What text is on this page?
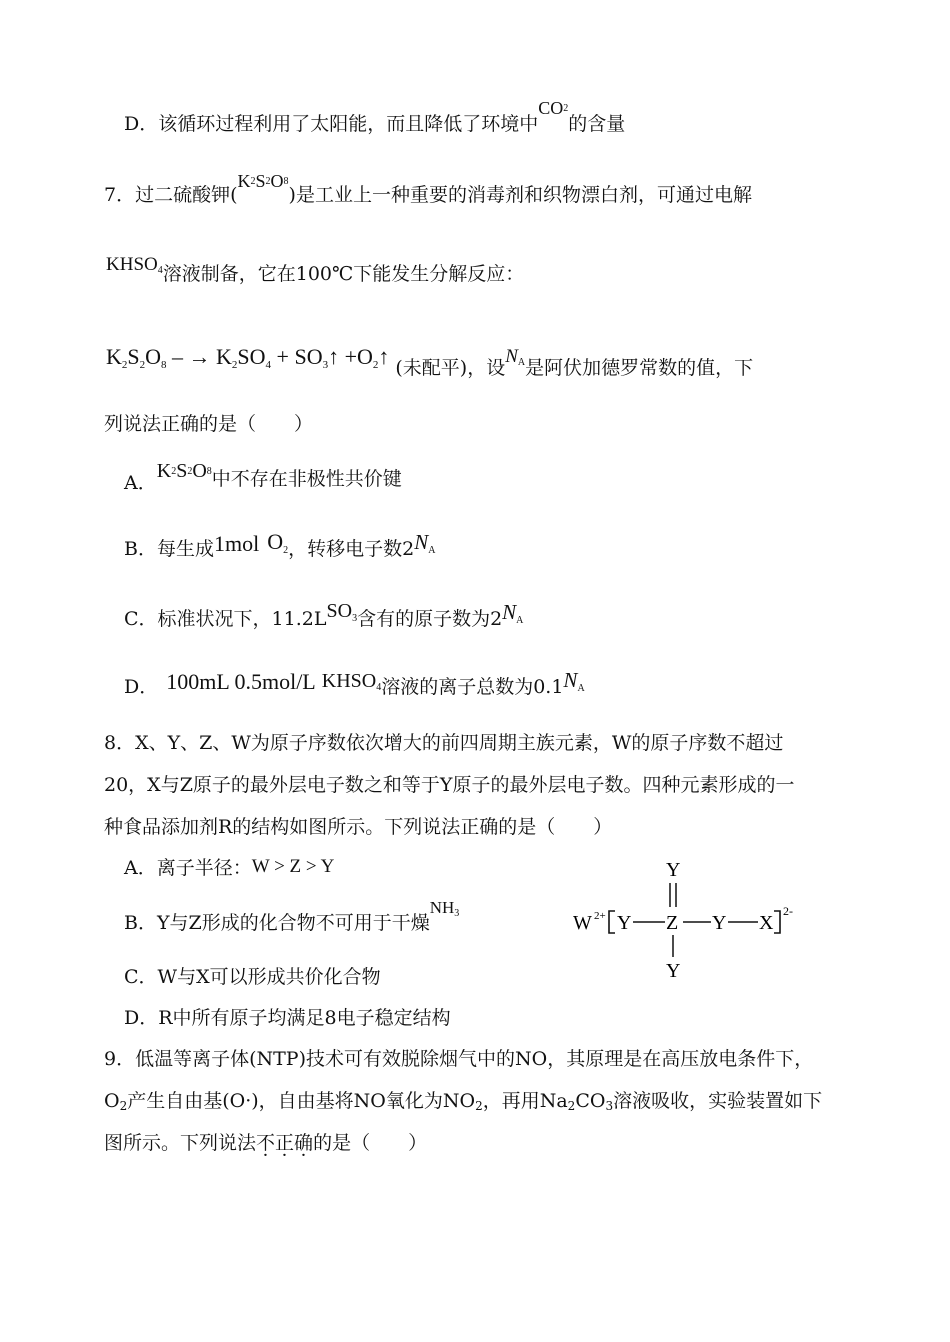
D．该循环过程利用了太阳能，而且降低了环境中CO2的含量
7．过二硫酸钾(K2S2O8)是工业上一种重要的消毒剂和织物漂白剂，可通过电解
KHSO4溶液制备，它在100℃下能发生分解反应：
$K_2S_2O_8$ – → $K_2SO_4$ + $SO_3↑$ $+O_2↑$ (未配平)，设NA是阿伏加德罗常数的值，下
列说法正确的是（　　）
A．K2S2O8中不存在非极性共价键
B．每生成1mol O2，转移电子数2NA
C．标准状况下，$11.2LSO_3$含有的原子数为2NA
D． 100mL 0.5mol/L KHSO4溶液的离子总数为0.1NA
8．X、Y、Z、W为原子序数依次增大的前四周期主族元素，W的原子序数不超过
20，X与Z原子的最外层电子数之和等于Y原子的最外层电子数。四种元素形成的一
种食品添加剂R的结构如图所示。下列说法正确的是（　　）
A．离子半径：W > Z > Y
B．Y与Z形成的化合物不可用于干燥NH3
C．W与X可以形成共价化合物
D．R中所有原子均满足8电子稳定结构
W 2+ Y Z Y X
2-
Y
Y
9．低温等离子体(NTP)技术可有效脱除烟气中的NO，其原理是在高压放电条件下，
$O_2$产生自由基(O·)，自由基将NO氧化为$NO_2$，再用$Na_2CO_3$溶液吸收，实验装置如下
图所示。下列说法不正确的是（　　）
